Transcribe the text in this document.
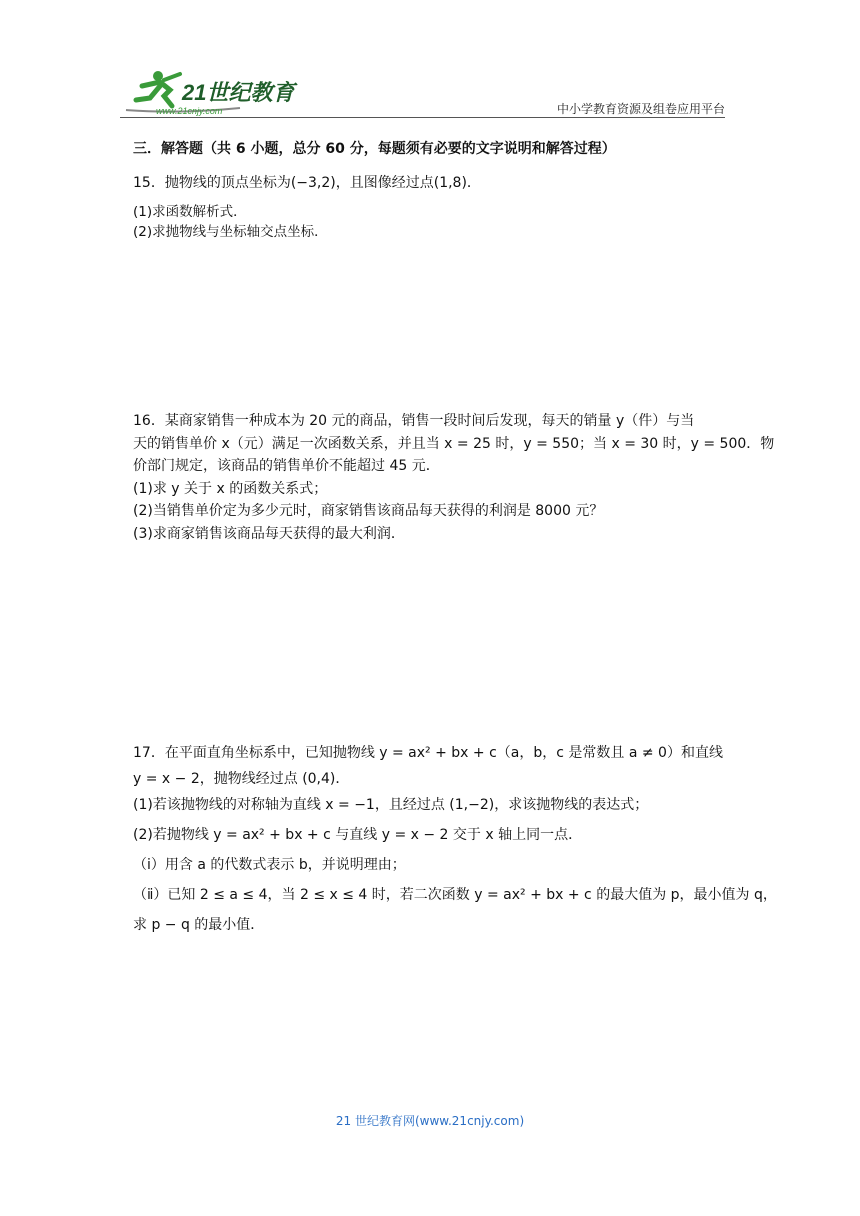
21世纪教育
www.21cnjy.com	中小学教育资源及组卷应用平台

三．解答题（共 6 小题，总分 60 分，每题须有必要的文字说明和解答过程）

15．抛物线的顶点坐标为(−3,2)，且图像经过点(1,8)．

(1)求函数解析式．

(2)求抛物线与坐标轴交点坐标．

16．某商家销售一种成本为 20 元的商品，销售一段时间后发现，每天的销量 y（件）与当

天的销售单价 x（元）满足一次函数关系，并且当 x = 25 时，y = 550；当 x = 30 时，y = 500．物

价部门规定，该商品的销售单价不能超过 45 元．

(1)求 y 关于 x 的函数关系式；

(2)当销售单价定为多少元时，商家销售该商品每天获得的利润是 8000 元？

(3)求商家销售该商品每天获得的最大利润．

17．在平面直角坐标系中，已知抛物线 y = ax² + bx + c（a，b，c 是常数且 a ≠ 0）和直线

y = x − 2，抛物线经过点 (0,4)．

(1)若该抛物线的对称轴为直线 x = −1，且经过点 (1,−2)，求该抛物线的表达式；

(2)若抛物线 y = ax² + bx + c 与直线 y = x − 2 交于 x 轴上同一点．

（ⅰ）用含 a 的代数式表示 b，并说明理由；

（ⅱ）已知 2 ≤ a ≤ 4，当 2 ≤ x ≤ 4 时，若二次函数 y = ax² + bx + c 的最大值为 p，最小值为 q，

求 p − q 的最小值．

21 世纪教育网(www.21cnjy.com)
